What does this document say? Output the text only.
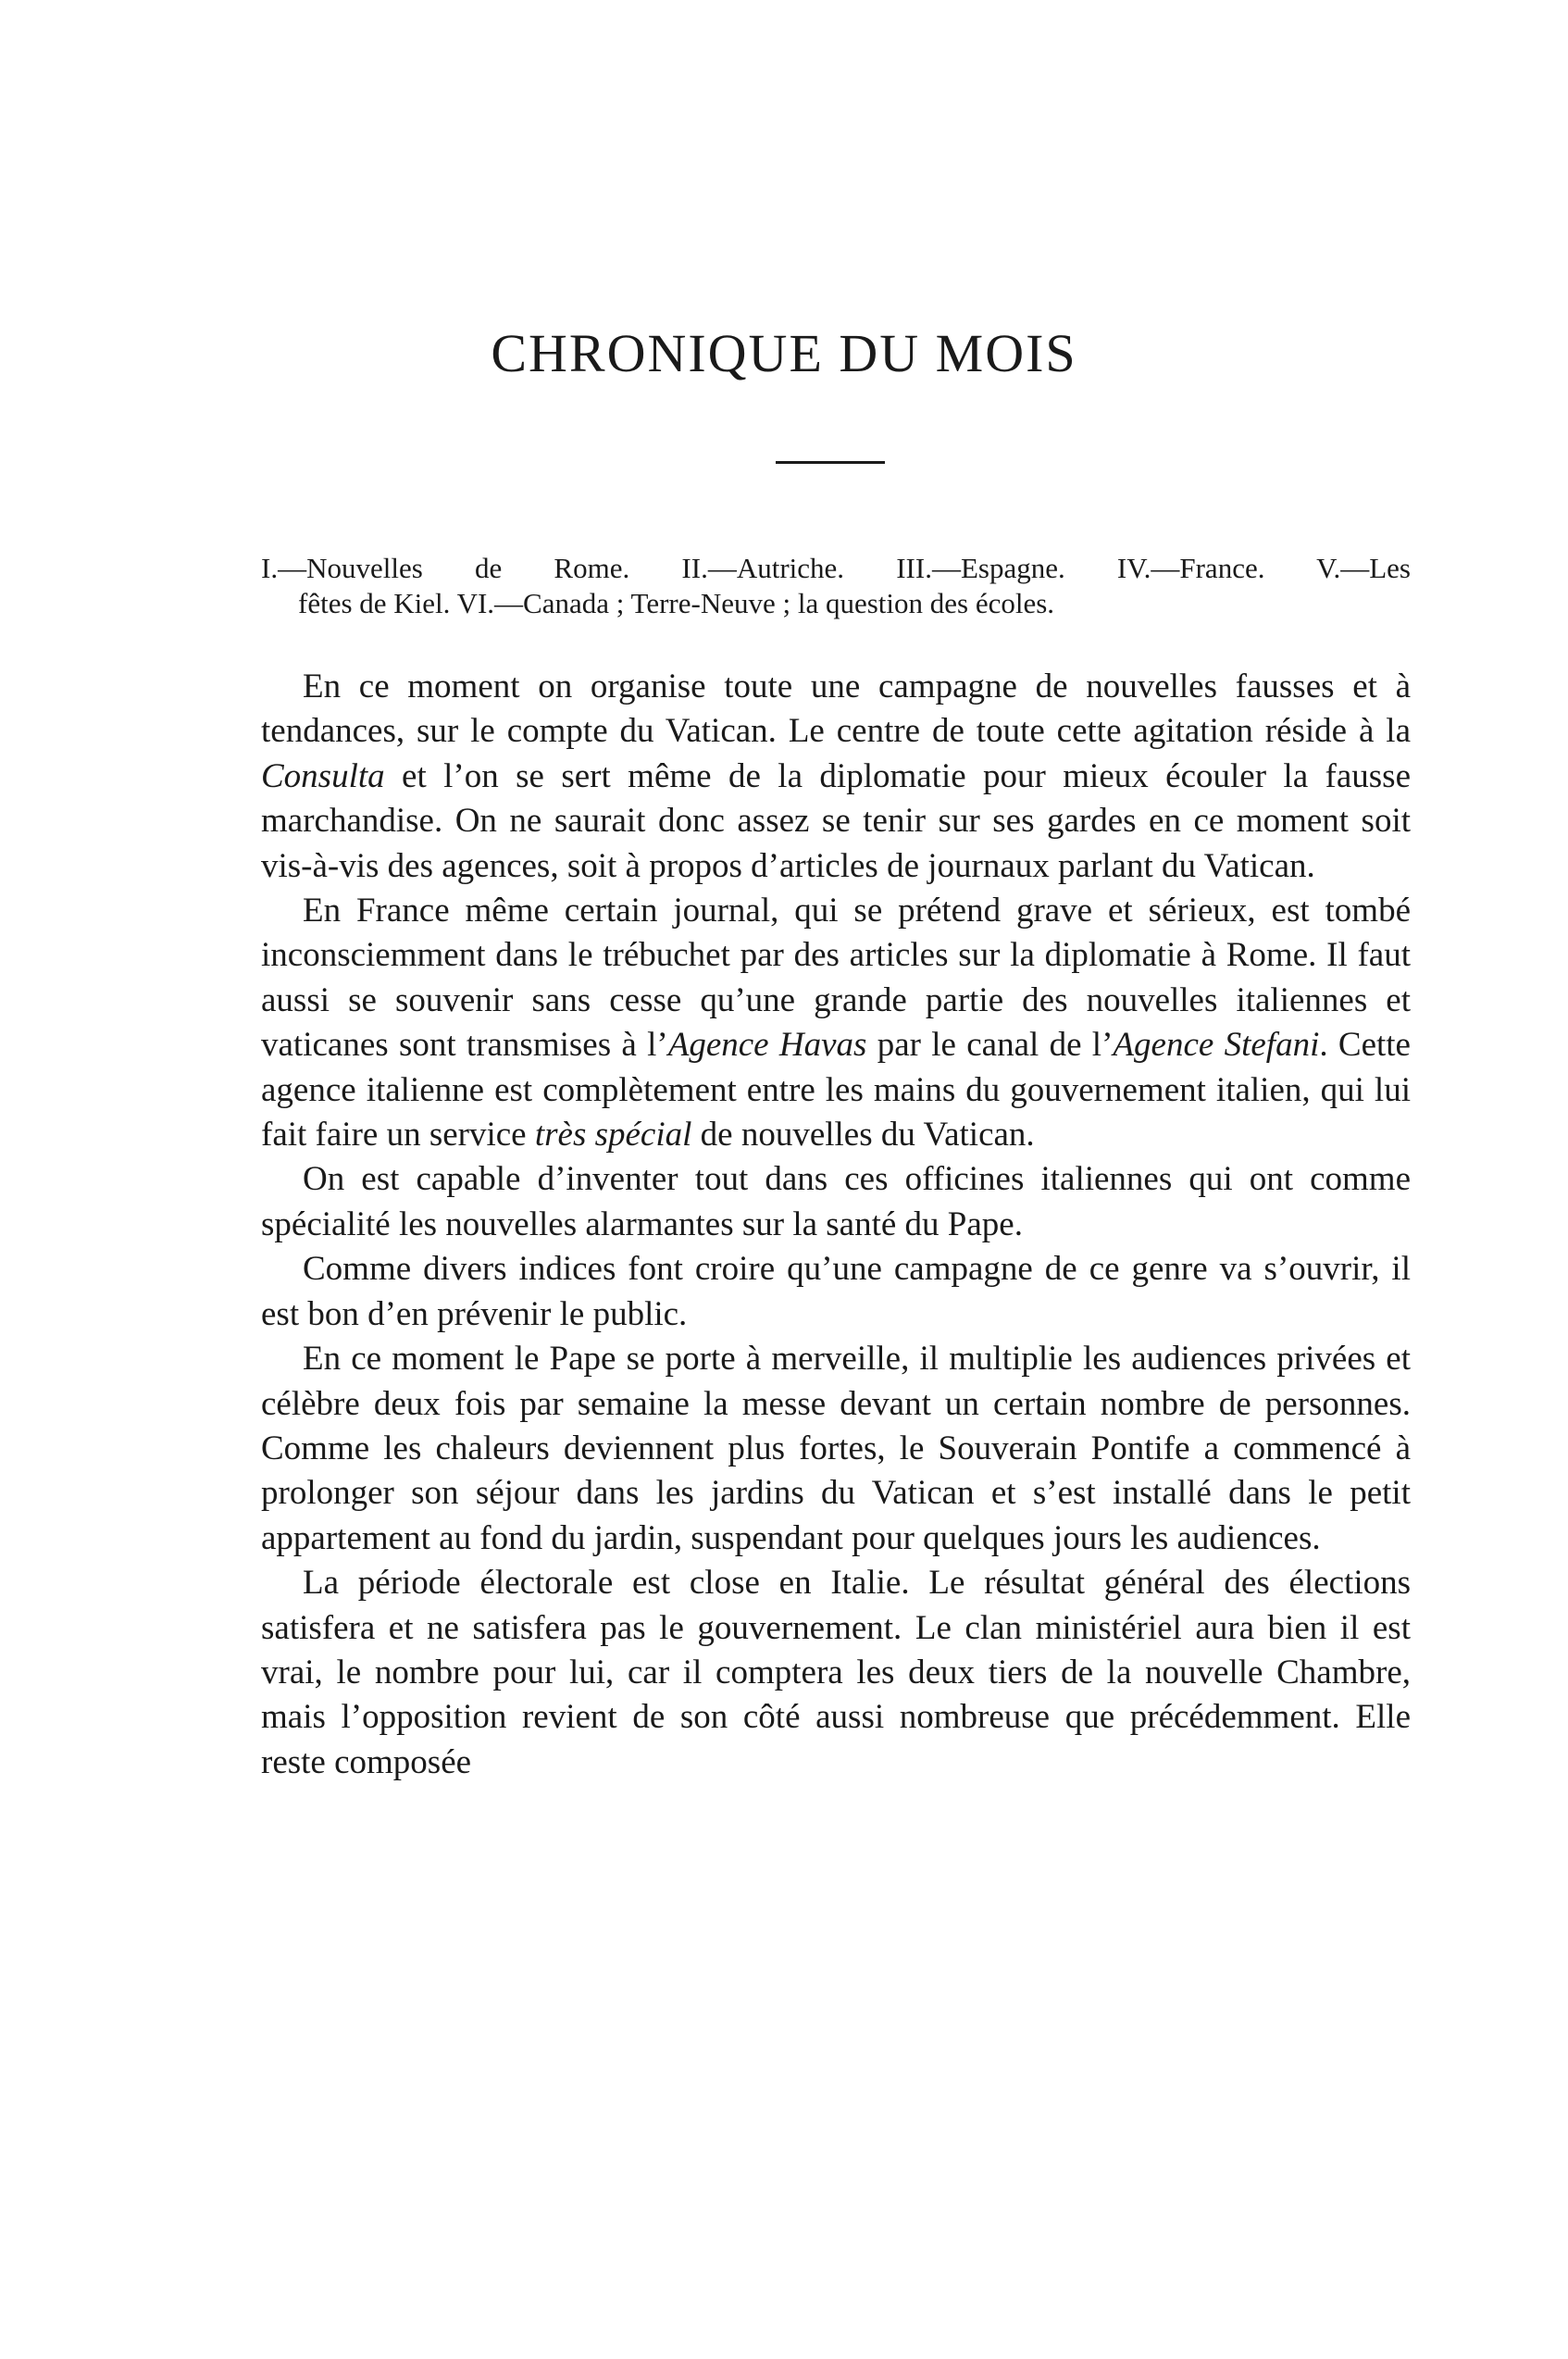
CHRONIQUE DU MOIS
I.—Nouvelles de Rome. II.—Autriche. III.—Espagne. IV.—France. V.—Les
fêtes de Kiel. VI.—Canada ; Terre-Neuve ; la question des écoles.

En ce moment on organise toute une campagne de nouvelles fausses et à tendances, sur le compte du Vatican. Le centre de toute cette agitation réside à la Consulta et l’on se sert même de la diplomatie pour mieux écouler la fausse marchandise. On ne saurait donc assez se tenir sur ses gardes en ce moment soit vis-à-vis des agences, soit à propos d’articles de journaux parlant du Vatican.

En France même certain journal, qui se prétend grave et sérieux, est tombé inconsciemment dans le trébuchet par des articles sur la diplomatie à Rome. Il faut aussi se souvenir sans cesse qu’une grande partie des nouvelles italiennes et vaticanes sont transmises à l’Agence Havas par le canal de l’Agence Stefani. Cette agence italienne est complètement entre les mains du gouvernement italien, qui lui fait faire un service très spécial de nouvelles du Vatican.

On est capable d’inventer tout dans ces officines italiennes qui ont comme spécialité les nouvelles alarmantes sur la santé du Pape.

Comme divers indices font croire qu’une campagne de ce genre va s’ouvrir, il est bon d’en prévenir le public.

En ce moment le Pape se porte à merveille, il multiplie les audiences privées et célèbre deux fois par semaine la messe devant un certain nombre de personnes. Comme les chaleurs deviennent plus fortes, le Souverain Pontife a commencé à prolonger son séjour dans les jardins du Vatican et s’est installé dans le petit appartement au fond du jardin, suspendant pour quelques jours les audiences.

La période électorale est close en Italie. Le résultat général des élections satisfera et ne satisfera pas le gouvernement. Le clan ministériel aura bien il est vrai, le nombre pour lui, car il comptera les deux tiers de la nouvelle Chambre, mais l’opposition revient de son côté aussi nombreuse que précédemment. Elle reste composée
